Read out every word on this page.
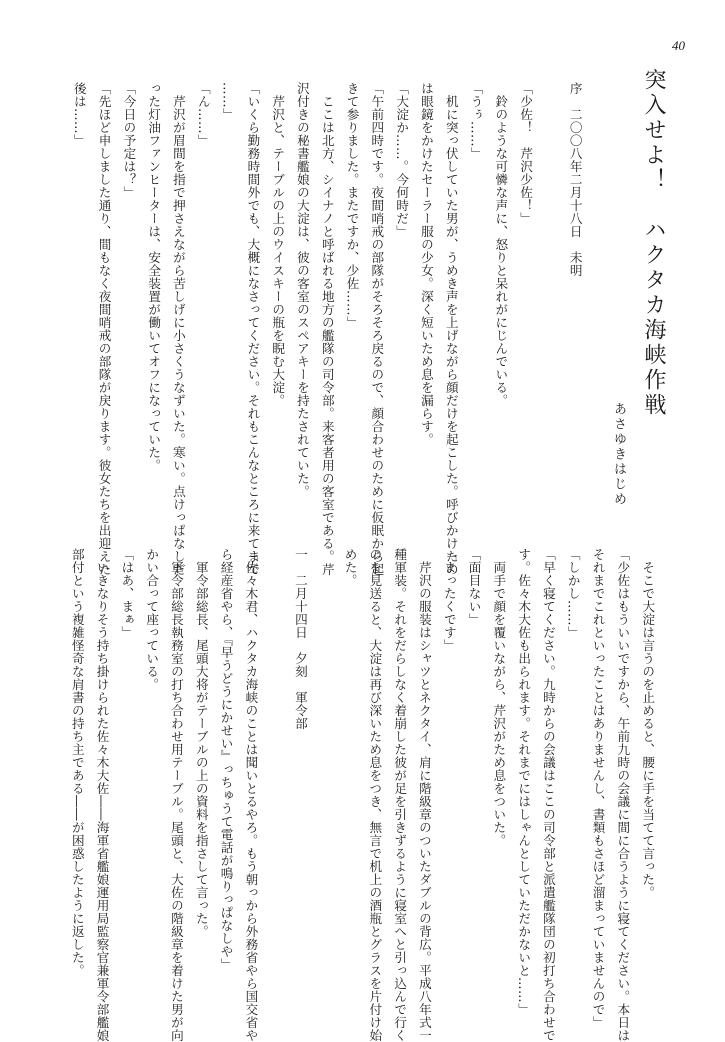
40
突入せよ！　ハクタカ海峡作戦
あさゆきはじめ
序　二〇〇八年二月十八日　未明

「少佐！　芹沢少佐！」
　鈴のような可憐な声に、怒りと呆れがにじんでいる。
「うぅ……」
　机に突っ伏していた男が、うめき声を上げながら顔だけを起こした。呼びかけたの
は眼鏡をかけたセーラー服の少女。深く短いため息を漏らす。
「大淀か……。今何時だ」
「午前四時です。夜間哨戒の部隊がそろそろ戻るので、顔合わせのために仮眠から起
きて参りました。またですか、少佐……」
　ここは北方、シイナノと呼ばれる地方の艦隊の司令部。来客者用の客室である。芹
沢付きの秘書艦娘の大淀は、彼の客室のスペアキーを持たされていた。
　芹沢と、テーブルの上のウイスキーの瓶を睨む大淀。
「いくら勤務時間外でも、大概になさってください。それもこんなところに来てまで
……」
「ん……」
　芹沢が眉間を指で押さえながら苦しげに小さくうなずいた。寒い。点けっぱなしだ
った灯油ファンヒーターは、安全装置が働いてオフになっていた。
「今日の予定は？」
「先ほど申しました通り、間もなく夜間哨戒の部隊が戻ります。彼女たちを出迎えた
後は……」
　そこで大淀は言うのを止めると、腰に手を当てて言った。
「少佐はもういいですから、午前九時の会議に間に合うように寝てください。本日は
それまでこれといったことはありませんし、書類もさほど溜まっていませんので」
「しかし……」
「早く寝てください。九時からの会議はここの司令部と派遣艦隊団の初打ち合わせで
す。佐々木大佐も出られます。それまでにはしゃんとしていただかないと……」
　両手で顔を覆いながら、芹沢がため息をついた。
「面目ない」
「まったくです」
　芹沢の服装はシャツとネクタイ、肩に階級章のついたダブルの背広。平成八年式一
種軍装。それをだらしなく着崩した彼が足を引きずるように寝室へと引っ込んで行く
のを見送ると、大淀は再び深いため息をつき、無言で机上の酒瓶とグラスを片付け始
めた。

一　二月十四日　夕刻　軍令部

「佐々木君、ハクタカ海峡のことは聞いとるやろ。もう朝っから外務省やら国交省や
ら経産省やら、『早うどうにかせい』っちゅうて電話が鳴りっぱなしや」
　軍令部総長、尾頭大将がテーブルの上の資料を指さして言った。
　軍令部総長執務室の打ち合わせ用テーブル。尾頭と、大佐の階級章を着けた男が向
かい合って座っている。
「はあ、まぁ」
　いきなりそう持ち掛けられた佐々木大佐――海軍省艦娘運用局監察官兼軍令部艦娘
部付という複雑怪奇な肩書の持ち主である――が困惑したように返した。
